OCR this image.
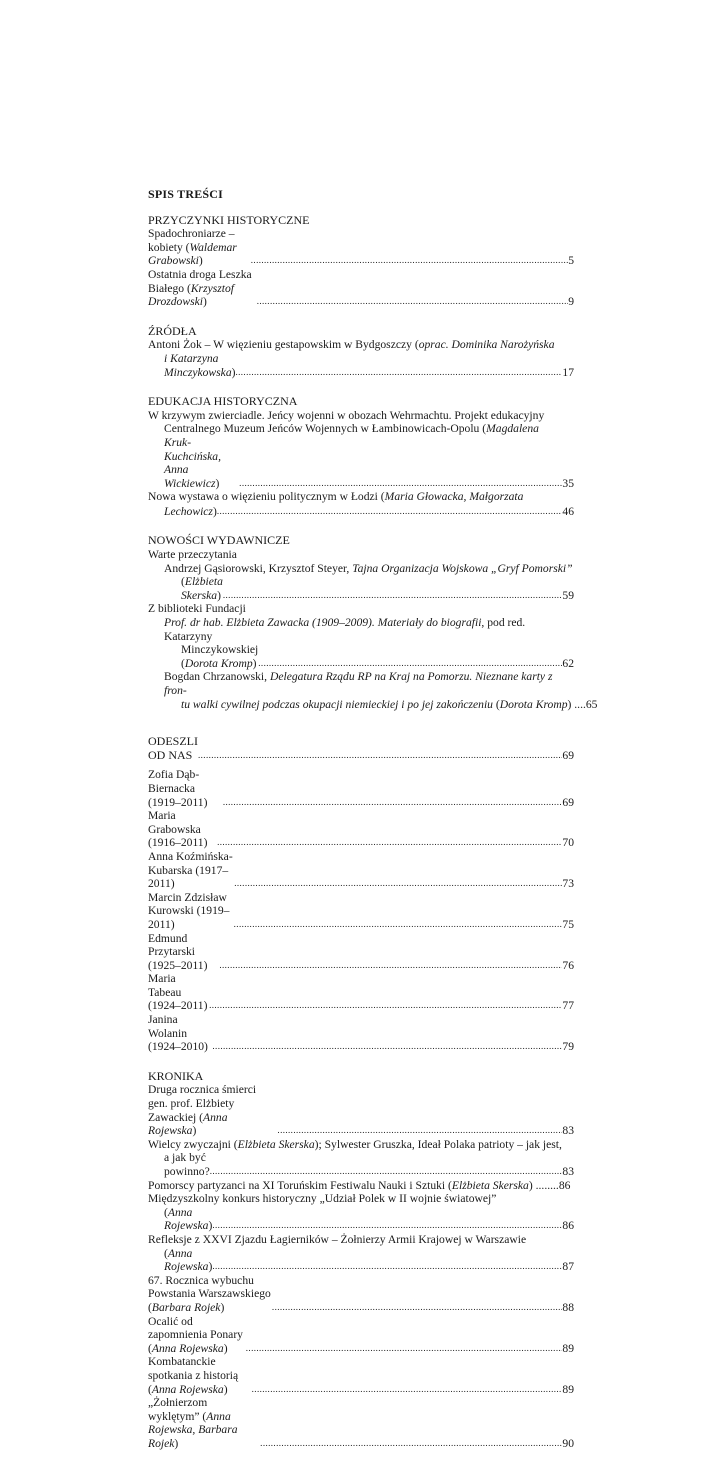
SPIS TREŚCI
PRZYCZYNKI HISTORYCZNE
Spadochroniarze – kobiety (Waldemar Grabowski) .....	5
Ostatnia droga Leszka Białego (Krzysztof Drozdowski) .....	9
ŹRÓDŁA
Antoni Żok – W więzieniu gestapowskim w Bydgoszczy (oprac. Dominika Narożyńska
i Katarzyna Minczykowska) .....	17
EDUKACJA HISTORYCZNA
W krzywym zwierciadle. Jeńcy wojenni w obozach Wehrmachtu. Projekt edukacyjny
Centralnego Muzeum Jeńców Wojennych w Łambinowicach-Opolu (Magdalena
Kruk-Kuchcińska, Anna Wickiewicz) .....	35
Nowa wystawa o więzieniu politycznym w Łodzi (Maria Głowacka, Małgorzata
Lechowicz) .....	46
NOWOŚCI WYDAWNICZE
Warte przeczytania
Andrzej Gąsiorowski, Krzysztof Steyer, Tajna Organizacja Wojskowa „Gryf Pomorski”
(Elżbieta Skerska) .....	59
Z biblioteki Fundacji
Prof. dr hab. Elżbieta Zawacka (1909–2009). Materiały do biografii, pod red. Katarzyny
Minczykowskiej (Dorota Kromp) .....	62
Bogdan Chrzanowski, Delegatura Rządu RP na Kraj na Pomorzu. Nieznane karty z fron-
tu walki cywilnej podczas okupacji niemieckiej i po jej zakończeniu (Dorota Kromp) ....65
ODESZLI OD NAS .....	69
Zofia Dąb-Biernacka (1919–2011) .....	69
Maria Grabowska (1916–2011) .....	70
Anna Koźmińska-Kubarska (1917–2011) .....	73
Marcin Zdzisław Kurowski (1919–2011) .....	75
Edmund Przytarski (1925–2011) .....	76
Maria Tabeau (1924–2011) .....	77
Janina Wolanin (1924–2010) .....	79
KRONIKA
Druga rocznica śmierci gen. prof. Elżbiety Zawackiej (Anna Rojewska) .....	83
Wielcy zwyczajni (Elżbieta Skerska); Sylwester Gruszka, Ideał Polaka patrioty – jak jest,
a jak być powinno? .....	83
Pomorscy partyzanci na XI Toruńskim Festiwalu Nauki i Sztuki (Elżbieta Skerska) ........86
Międzyszkolny konkurs historyczny „Udział Polek w II wojnie światowej”
(Anna Rojewska) .....	86
Refleksje z XXVI Zjazdu Łagierników – Żołnierzy Armii Krajowej w Warszawie
(Anna Rojewska) .....	87
67. Rocznica wybuchu Powstania Warszawskiego (Barbara Rojek) .....	88
Ocalić od zapomnienia Ponary (Anna Rojewska) .....	89
Kombatanckie spotkania z historią (Anna Rojewska) .....	89
„Żołnierzom wyklętym” (Anna Rojewska, Barbara Rojek) .....	90
